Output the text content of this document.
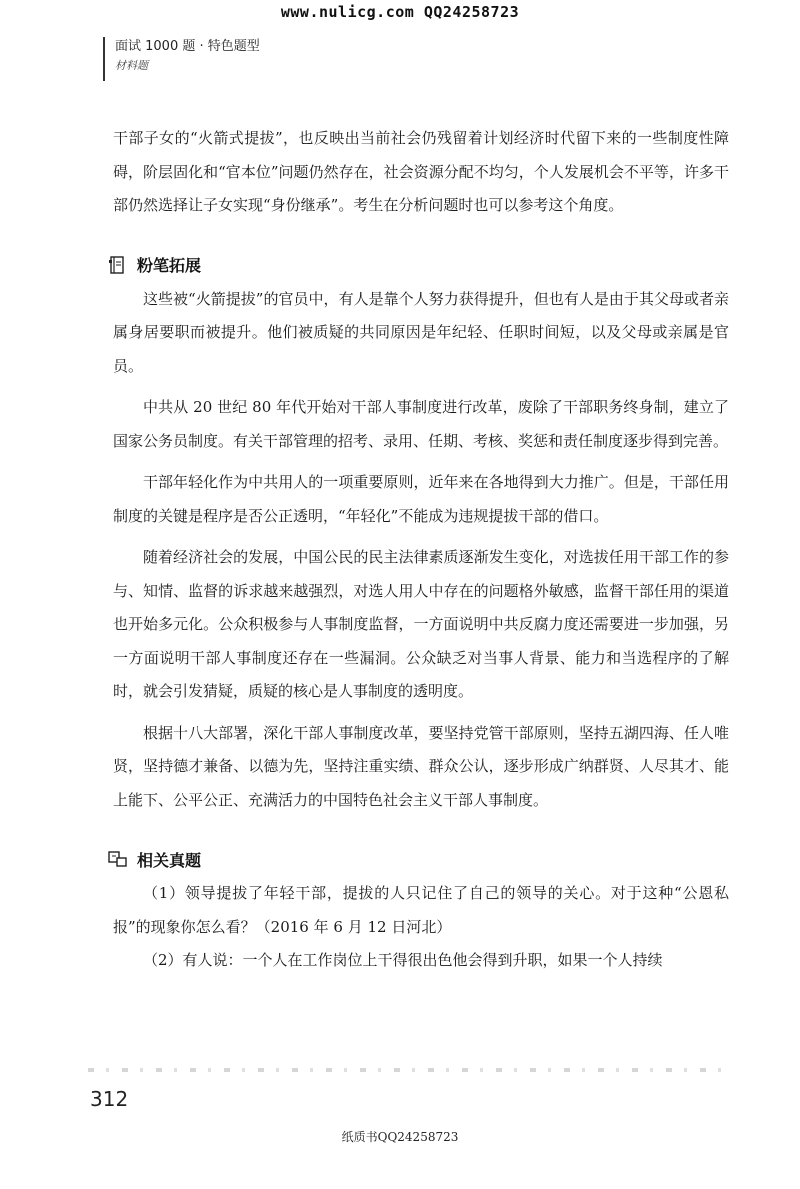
www.nulicg.com QQ24258723
面试 1000 题 · 特色题型
材料题

干部子女的“火箭式提拔”，也反映出当前社会仍残留着计划经济时代留下来的一些制度性障碍，阶层固化和“官本位”问题仍然存在，社会资源分配不均匀，个人发展机会不平等，许多干部仍然选择让子女实现“身份继承”。考生在分析问题时也可以参考这个角度。

粉笔拓展

这些被“火箭提拔”的官员中，有人是靠个人努力获得提升，但也有人是由于其父母或者亲属身居要职而被提升。他们被质疑的共同原因是年纪轻、任职时间短，以及父母或亲属是官员。

中共从 20 世纪 80 年代开始对干部人事制度进行改革，废除了干部职务终身制，建立了国家公务员制度。有关干部管理的招考、录用、任期、考核、奖惩和责任制度逐步得到完善。

干部年轻化作为中共用人的一项重要原则，近年来在各地得到大力推广。但是，干部任用制度的关键是程序是否公正透明，“年轻化”不能成为违规提拔干部的借口。

随着经济社会的发展，中国公民的民主法律素质逐渐发生变化，对选拔任用干部工作的参与、知情、监督的诉求越来越强烈，对选人用人中存在的问题格外敏感，监督干部任用的渠道也开始多元化。公众积极参与人事制度监督，一方面说明中共反腐力度还需要进一步加强，另一方面说明干部人事制度还存在一些漏洞。公众缺乏对当事人背景、能力和当选程序的了解时，就会引发猜疑，质疑的核心是人事制度的透明度。

根据十八大部署，深化干部人事制度改革，要坚持党管干部原则，坚持五湖四海、任人唯贤，坚持德才兼备、以德为先，坚持注重实绩、群众公认，逐步形成广纳群贤、人尽其才、能上能下、公平公正、充满活力的中国特色社会主义干部人事制度。

相关真题

（1）领导提拔了年轻干部，提拔的人只记住了自己的领导的关心。对于这种“公恩私报”的现象你怎么看？（2016 年 6 月 12 日河北）

（2）有人说：一个人在工作岗位上干得很出色他会得到升职，如果一个人持续

312
纸质书QQ24258723
